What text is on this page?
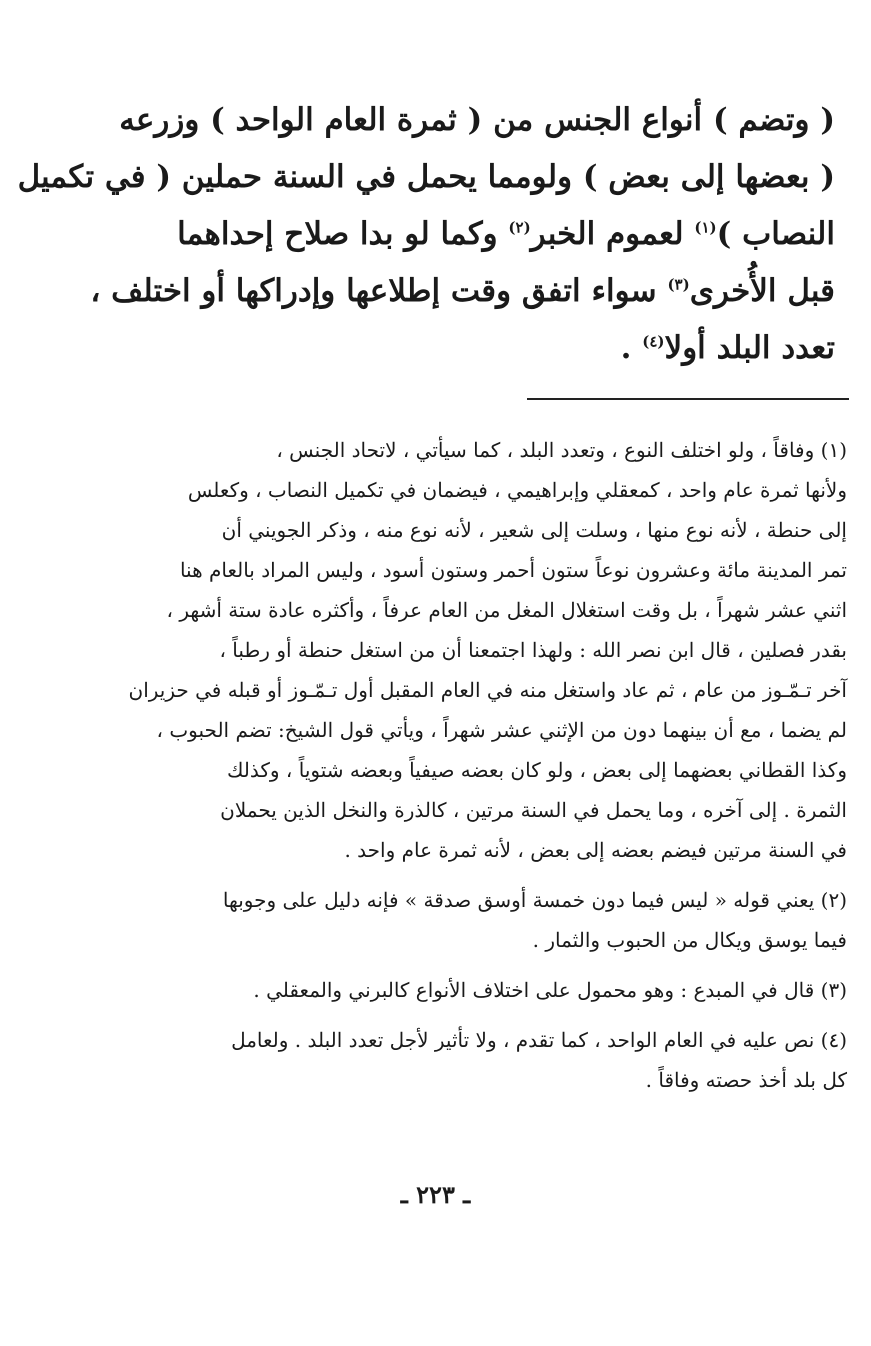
( وتضم ) أنواع الجنس من ( ثمرة العام الواحد ) وزرعه
( بعضها إلى بعض ) ولومما يحمل في السنة حملين ( في تكميل
النصاب )$^{(١)}$ لعموم الخبر$^{(٢)}$ وكما لو بدا صلاح إحداهما
قبل الأُخرى$^{(٣)}$ سواء اتفق وقت إطلاعها وإدراكها أو اختلف ،
تعدد البلد أولا$^{(٤)}$ .
(١) وفاقاً ، ولو اختلف النوع ، وتعدد البلد ، كما سيأتي ، لاتحاد الجنس ،
ولأنها ثمرة عام واحد ، كمعقلي وإبراهيمي ، فيضمان في تكميل النصاب ، وكعلس
إلى حنطة ، لأنه نوع منها ، وسلت إلى شعير ، لأنه نوع منه ، وذكر الجويني أن
تمر المدينة مائة وعشرون نوعاً ستون أحمر وستون أسود ، وليس المراد بالعام هنا
اثني عشر شهراً ، بل وقت استغلال المغل من العام عرفاً ، وأكثره عادة ستة أشهر ،
بقدر فصلين ، قال ابن نصر الله : ولهذا اجتمعنا أن من استغل حنطة أو رطباً ،
آخر تـمّـوز من عام ، ثم عاد واستغل منه في العام المقبل أول تـمّـوز أو قبله في حزيران
لم يضما ، مع أن بينهما دون من الإثني عشر شهراً ، ويأتي قول الشيخ: تضم الحبوب ،
وكذا القطاني بعضهما إلى بعض ، ولو كان بعضه صيفياً وبعضه شتوياً ، وكذلك
الثمرة . إلى آخره ، وما يحمل في السنة مرتين ، كالذرة والنخل الذين يحملان
في السنة مرتين فيضم بعضه إلى بعض ، لأنه ثمرة عام واحد .
(٢) يعني قوله « ليس فيما دون خمسة أوسق صدقة » فإنه دليل على وجوبها
فيما يوسق ويكال من الحبوب والثمار .
(٣) قال في المبدع : وهو محمول على اختلاف الأنواع كالبرني والمعقلي .
(٤) نص عليه في العام الواحد ، كما تقدم ، ولا تأثير لأجل تعدد البلد . ولعامل
كل بلد أخذ حصته وفاقاً .
ـ ٢٢٣ ـ
